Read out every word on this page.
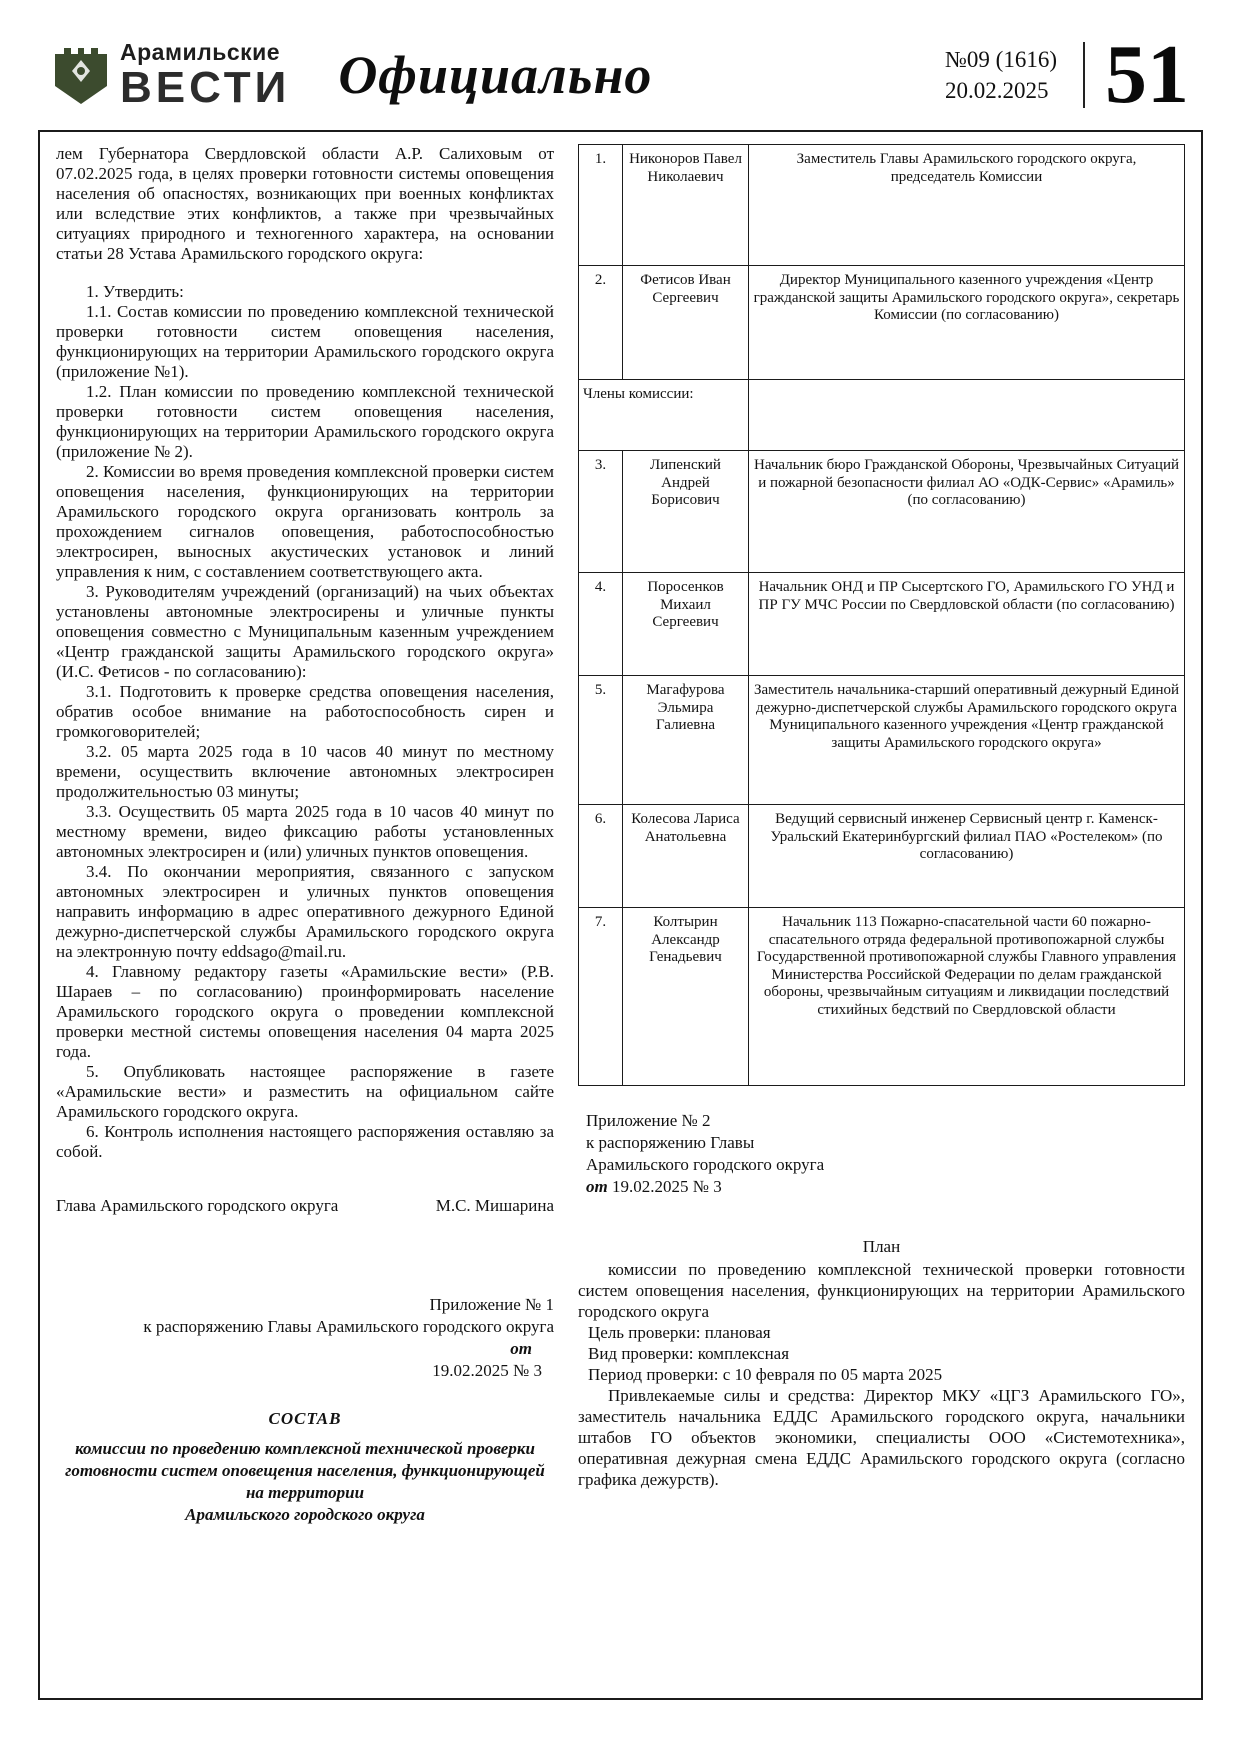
Арамильские
ВЕСТИ Официально	№09 (1616)
20.02.2025 51

лем Губернатора Свердловской области А.Р. Салиховым от 07.02.2025 года, в целях проверки готовности системы оповещения населения об опасностях, возникающих при военных конфликтах или вследствие этих конфликтов, а также при чрезвычайных ситуациях природного и техногенного характера, на основании статьи 28 Устава Арамильского городского округа:

1. Утвердить:

1.1. Состав комиссии по проведению комплексной технической проверки готовности систем оповещения населения, функционирующих на территории Арамильского городского округа (приложение №1).

1.2. План комиссии по проведению комплексной технической проверки готовности систем оповещения населения, функционирующих на территории Арамильского городского округа (приложение № 2).

2. Комиссии во время проведения комплексной проверки систем оповещения населения, функционирующих на территории Арамильского городского округа организовать контроль за прохождением сигналов оповещения, работоспособностью электросирен, выносных акустических установок и линий управления к ним, с составлением соответствующего акта.

3. Руководителям учреждений (организаций) на чьих объектах установлены автономные электросирены и уличные пункты оповещения совместно с Муниципальным казенным учреждением «Центр гражданской защиты Арамильского городского округа» (И.С. Фетисов - по согласованию):

3.1. Подготовить к проверке средства оповещения населения, обратив особое внимание на работоспособность сирен и громкоговорителей;

3.2. 05 марта 2025 года в 10 часов 40 минут по местному времени, осуществить включение автономных электросирен продолжительностью 03 минуты;

3.3. Осуществить 05 марта 2025 года в 10 часов 40 минут по местному времени, видео фиксацию работы установленных автономных электросирен и (или) уличных пунктов оповещения.

3.4. По окончании мероприятия, связанного с запуском автономных электросирен и уличных пунктов оповещения направить информацию в адрес оперативного дежурного Единой дежурно-диспетчерской службы Арамильского городского округа на электронную почту eddsago@mail.ru.

4. Главному редактору газеты «Арамильские вести» (Р.В. Шараев – по согласованию) проинформировать население Арамильского городского округа о проведении комплексной проверки местной системы оповещения населения 04 марта 2025 года.

5. Опубликовать настоящее распоряжение в газете «Арамильские вести» и разместить на официальном сайте Арамильского городского округа.

6. Контроль исполнения настоящего распоряжения оставляю за собой.

Глава Арамильского городского округа	М.С. Мишарина
Приложение № 1
к распоряжению Главы Арамильского городского округа
от
19.02.2025 № 3
СОСТАВ
комиссии по проведению комплексной технической проверки готовности систем оповещения населения, функционирующей на территории
Арамильского городского округа
1.	Никоноров Павел Николаевич	Заместитель Главы Арамильского городского округа, председатель Комиссии
2.	Фетисов Иван Сергеевич	Директор Муниципального казенного учреждения «Центр гражданской защиты Арамильского городского округа», секретарь Комиссии (по согласованию)
Члены комиссии:		
3.	Липенский Андрей Борисович	Начальник бюро Гражданской Обороны, Чрезвычайных Ситуаций и пожарной безопасности филиал АО «ОДК-Сервис» «Арамиль» (по согласованию)
4.	Поросенков Михаил Сергеевич	Начальник ОНД и ПР Сысертского ГО, Арамильского ГО УНД и ПР ГУ МЧС России по Свердловской области (по согласованию)
5.	Магафурова Эльмира Галиевна	Заместитель начальника-старший оперативный дежурный Единой дежурно-диспетчерской службы Арамильского городского округа Муниципального казенного учреждения «Центр гражданской защиты Арамильского городского округа»
6.	Колесова Лариса Анатольевна	Ведущий сервисный инженер Сервисный центр г. Каменск-Уральский Екатеринбургский филиал ПАО «Ростелеком» (по согласованию)
7.	Колтырин Александр Генадьевич	Начальник 113 Пожарно-спасательной части 60 пожарно-спасательного отряда федеральной противопожарной службы Государственной противопожарной службы Главного управления Министерства Российской Федерации по делам гражданской обороны, чрезвычайным ситуациям и ликвидации последствий стихийных бедствий по Свердловской области
Приложение № 2
к распоряжению Главы
Арамильского городского округа
от 19.02.2025 № 3
План

комиссии по проведению комплексной технической проверки готовности систем оповещения населения, функционирующих на территории Арамильского городского округа

Цель проверки: плановая
Вид проверки: комплексная
Период проверки: с 10 февраля по 05 марта 2025

Привлекаемые силы и средства: Директор МКУ «ЦГЗ Арамильского ГО», заместитель начальника ЕДДС Арамильского городского округа, начальники штабов ГО объектов экономики, специалисты ООО «Системотехника», оперативная дежурная смена ЕДДС Арамильского городского округа (согласно графика дежурств).
